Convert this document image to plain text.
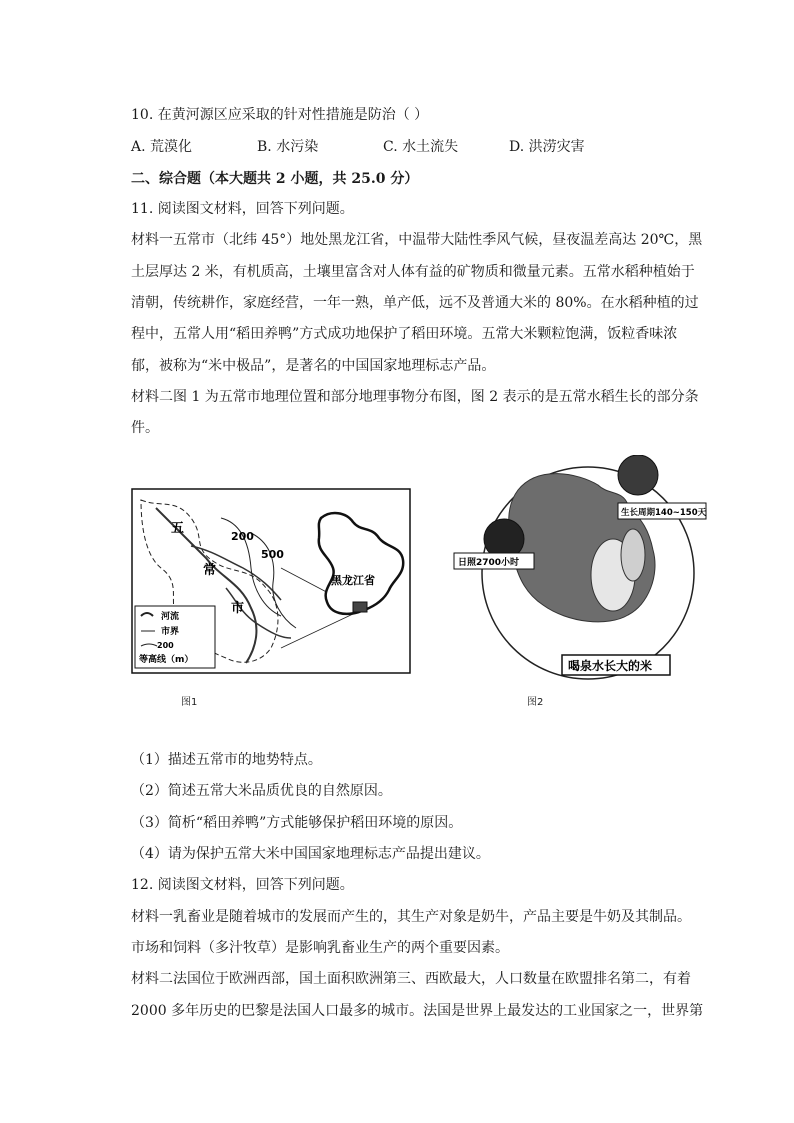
10. 在黄河源区应采取的针对性措施是防治（ ）
A. 荒漠化	B. 水污染	C. 水土流失	D. 洪涝灾害
二、综合题（本大题共 2 小题，共 25.0 分）
11. 阅读图文材料，回答下列问题。
材料一五常市（北纬 45°）地处黑龙江省，中温带大陆性季风气候，昼夜温差高达 20℃，黑
土层厚达 2 米，有机质高，土壤里富含对人体有益的矿物质和微量元素。五常水稻种植始于
清朝，传统耕作，家庭经营，一年一熟，单产低，远不及普通大米的 80%。在水稻种植的过
程中，五常人用“稻田养鸭”方式成功地保护了稻田环境。五常大米颗粒饱满，饭粒香味浓
郁，被称为“米中极品”，是著名的中国国家地理标志产品。
材料二图 1 为五常市地理位置和部分地理事物分布图，图 2 表示的是五常水稻生长的部分条
件。
200
500
五
常
市
河流
市界
200
等高线（m）
黑龙江省
图1
日照2700小时
生长周期140~150天
喝泉水长大的米
图2
（1）描述五常市的地势特点。
（2）简述五常大米品质优良的自然原因。
（3）简析“稻田养鸭”方式能够保护稻田环境的原因。
（4）请为保护五常大米中国国家地理标志产品提出建议。
12. 阅读图文材料，回答下列问题。
材料一乳畜业是随着城市的发展而产生的，其生产对象是奶牛，产品主要是牛奶及其制品。
市场和饲料（多汁牧草）是影响乳畜业生产的两个重要因素。
材料二法国位于欧洲西部，国土面积欧洲第三、西欧最大，人口数量在欧盟排名第二，有着
2000 多年历史的巴黎是法国人口最多的城市。法国是世界上最发达的工业国家之一，世界第
